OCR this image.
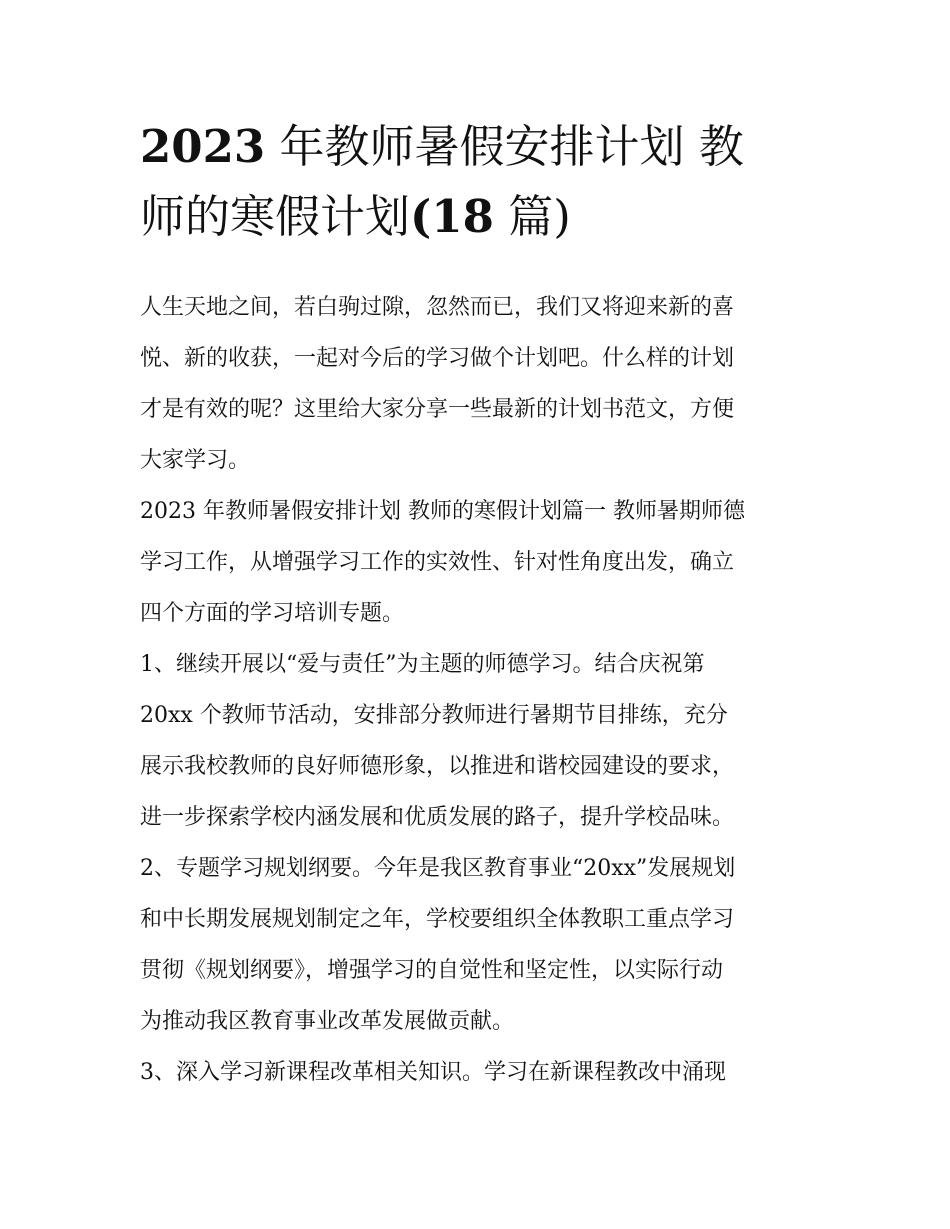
2023 年教师暑假安排计划 教
师的寒假计划(18 篇)

人生天地之间，若白驹过隙，忽然而已，我们又将迎来新的喜
悦、新的收获，一起对今后的学习做个计划吧。什么样的计划
才是有效的呢？这里给大家分享一些最新的计划书范文，方便
大家学习。

2023 年教师暑假安排计划 教师的寒假计划篇一 教师暑期师德
学习工作，从增强学习工作的实效性、针对性角度出发，确立
四个方面的学习培训专题。

1、继续开展以“爱与责任”为主题的师德学习。结合庆祝第
20xx 个教师节活动，安排部分教师进行暑期节目排练，充分
展示我校教师的良好师德形象，以推进和谐校园建设的要求，
进一步探索学校内涵发展和优质发展的路子，提升学校品味。

2、专题学习规划纲要。今年是我区教育事业“20xx”发展规划
和中长期发展规划制定之年，学校要组织全体教职工重点学习
贯彻《规划纲要》，增强学习的自觉性和坚定性，以实际行动
为推动我区教育事业改革发展做贡献。

3、深入学习新课程改革相关知识。学习在新课程教改中涌现
